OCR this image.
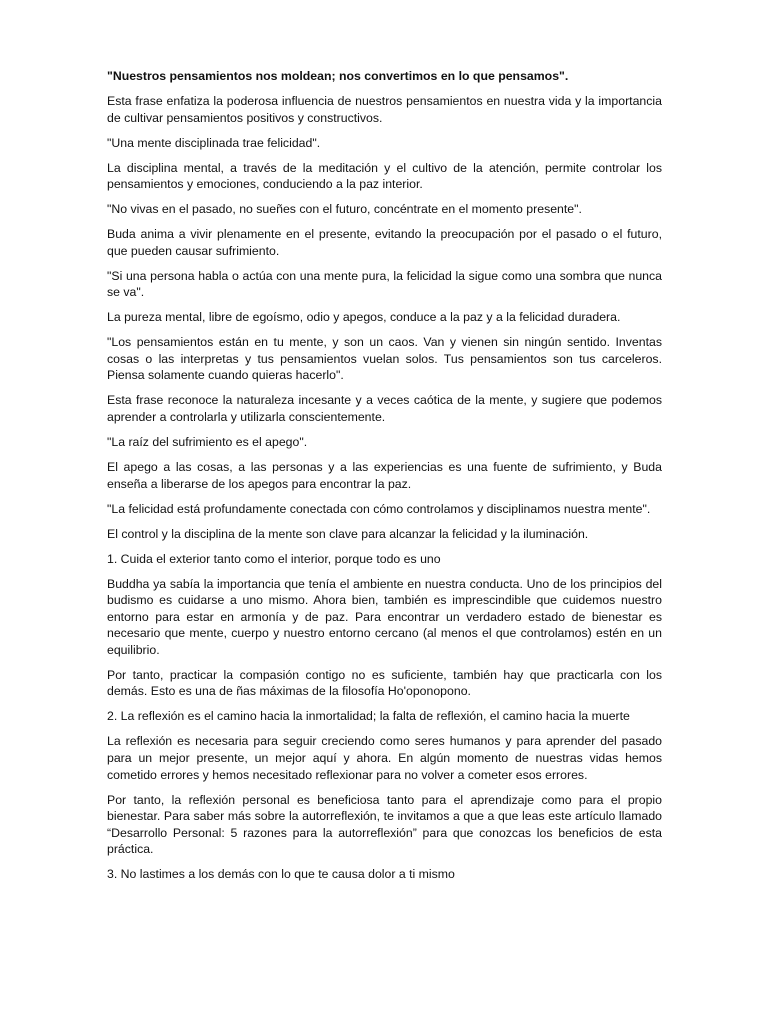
"Nuestros pensamientos nos moldean; nos convertimos en lo que pensamos".

Esta frase enfatiza la poderosa influencia de nuestros pensamientos en nuestra vida y la importancia de cultivar pensamientos positivos y constructivos.

"Una mente disciplinada trae felicidad".

La disciplina mental, a través de la meditación y el cultivo de la atención, permite controlar los pensamientos y emociones, conduciendo a la paz interior.

"No vivas en el pasado, no sueñes con el futuro, concéntrate en el momento presente".

Buda anima a vivir plenamente en el presente, evitando la preocupación por el pasado o el futuro, que pueden causar sufrimiento.

"Si una persona habla o actúa con una mente pura, la felicidad la sigue como una sombra que nunca se va".

La pureza mental, libre de egoísmo, odio y apegos, conduce a la paz y a la felicidad duradera.

"Los pensamientos están en tu mente, y son un caos. Van y vienen sin ningún sentido. Inventas cosas o las interpretas y tus pensamientos vuelan solos. Tus pensamientos son tus carceleros. Piensa solamente cuando quieras hacerlo".

Esta frase reconoce la naturaleza incesante y a veces caótica de la mente, y sugiere que podemos aprender a controlarla y utilizarla conscientemente.

"La raíz del sufrimiento es el apego".

El apego a las cosas, a las personas y a las experiencias es una fuente de sufrimiento, y Buda enseña a liberarse de los apegos para encontrar la paz.

"La felicidad está profundamente conectada con cómo controlamos y disciplinamos nuestra mente".

El control y la disciplina de la mente son clave para alcanzar la felicidad y la iluminación.

1. Cuida el exterior tanto como el interior, porque todo es uno

Buddha ya sabía la importancia que tenía el ambiente en nuestra conducta. Uno de los principios del budismo es cuidarse a uno mismo. Ahora bien, también es imprescindible que cuidemos nuestro entorno para estar en armonía y de paz. Para encontrar un verdadero estado de bienestar es necesario que mente, cuerpo y nuestro entorno cercano (al menos el que controlamos) estén en un equilibrio.

Por tanto, practicar la compasión contigo no es suficiente, también hay que practicarla con los demás. Esto es una de ñas máximas de la filosofía Ho'oponopono.

2. La reflexión es el camino hacia la inmortalidad; la falta de reflexión, el camino hacia la muerte

La reflexión es necesaria para seguir creciendo como seres humanos y para aprender del pasado para un mejor presente, un mejor aquí y ahora. En algún momento de nuestras vidas hemos cometido errores y hemos necesitado reflexionar para no volver a cometer esos errores.

Por tanto, la reflexión personal es beneficiosa tanto para el aprendizaje como para el propio bienestar. Para saber más sobre la autorreflexión, te invitamos a que a que leas este artículo llamado “Desarrollo Personal: 5 razones para la autorreflexión” para que conozcas los beneficios de esta práctica.

3. No lastimes a los demás con lo que te causa dolor a ti mismo
